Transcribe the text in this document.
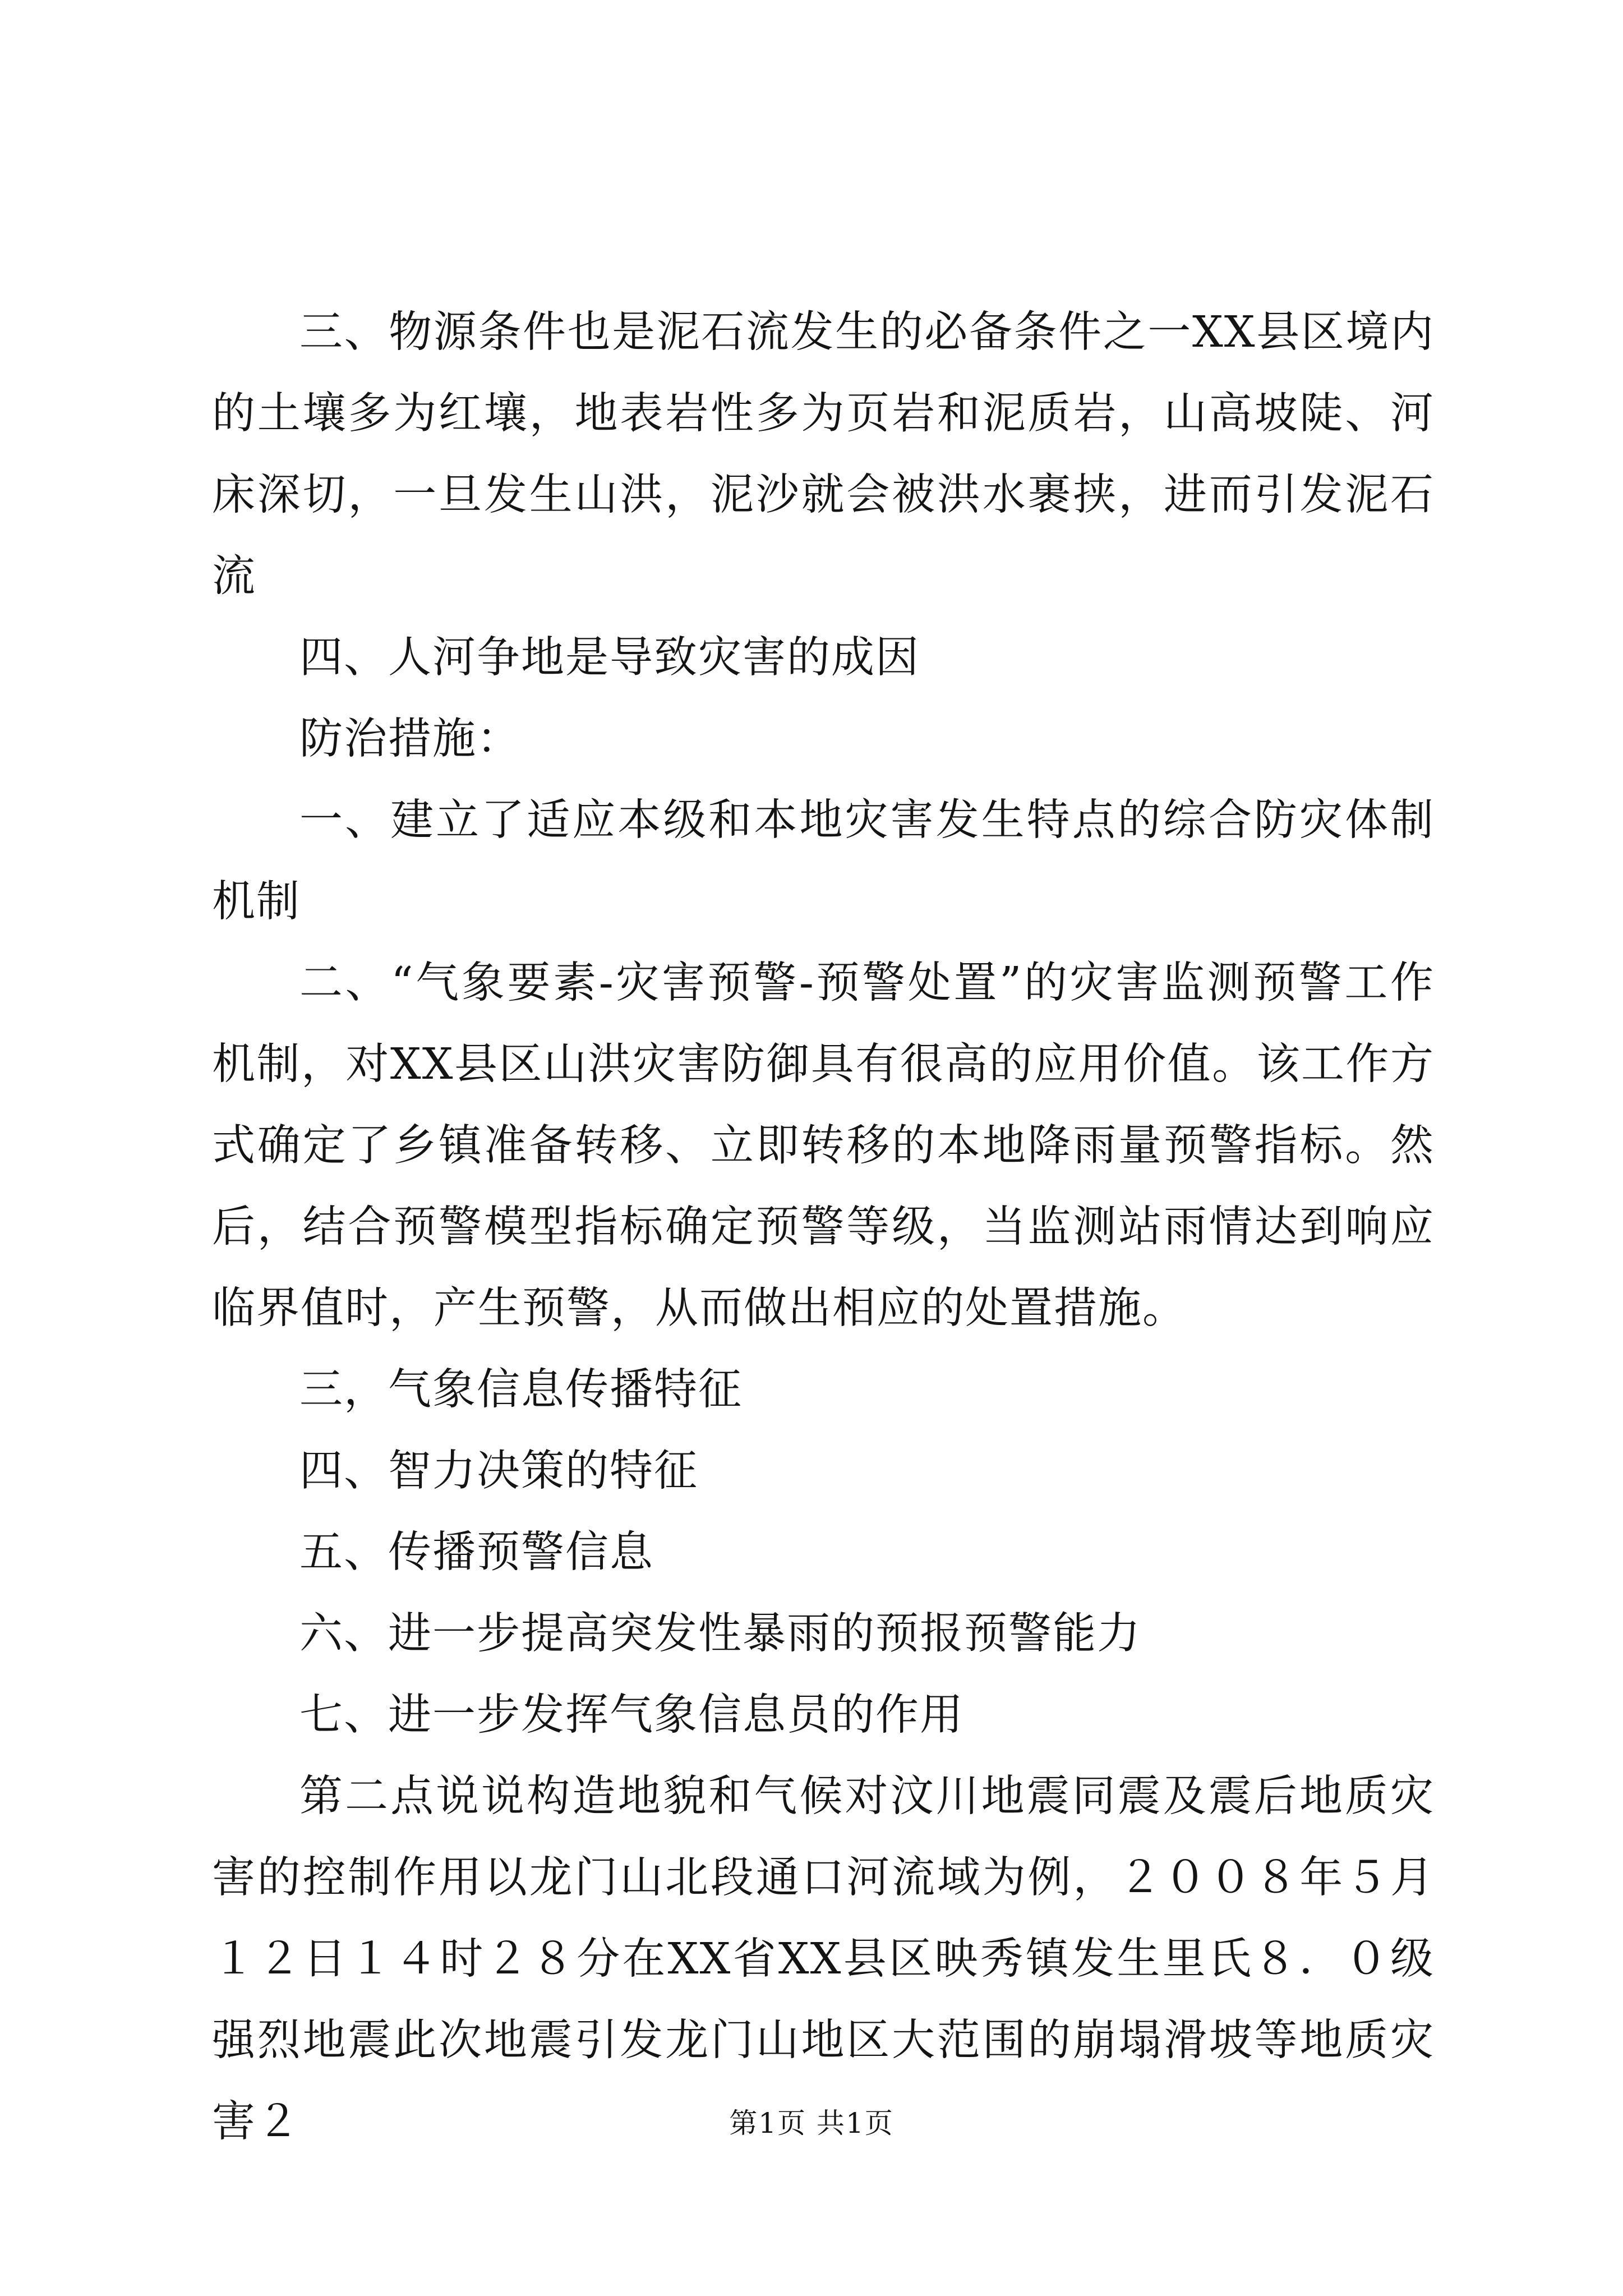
三、物源条件也是泥石流发生的必备条件之一XX县区境内的土壤多为红壤，地表岩性多为页岩和泥质岩，山高坡陡、河床深切，一旦发生山洪，泥沙就会被洪水裹挟，进而引发泥石流

四、人河争地是导致灾害的成因

防治措施：

一、建立了适应本级和本地灾害发生特点的综合防灾体制机制

二、“气象要素-灾害预警-预警处置”的灾害监测预警工作机制，对XX县区山洪灾害防御具有很高的应用价值。该工作方式确定了乡镇准备转移、立即转移的本地降雨量预警指标。然后，结合预警模型指标确定预警等级，当监测站雨情达到响应临界值时，产生预警，从而做出相应的处置措施。

三，气象信息传播特征

四、智力决策的特征

五、传播预警信息

六、进一步提高突发性暴雨的预报预警能力

七、进一步发挥气象信息员的作用

第二点说说构造地貌和气候对汶川地震同震及震后地质灾害的控制作用以龙门山北段通口河流域为例，２００８年５月１２日１４时２８分在XX省XX县区映秀镇发生里氏８．０级强烈地震此次地震引发龙门山地区大范围的崩塌滑坡等地质灾害２	第1页 共1页
